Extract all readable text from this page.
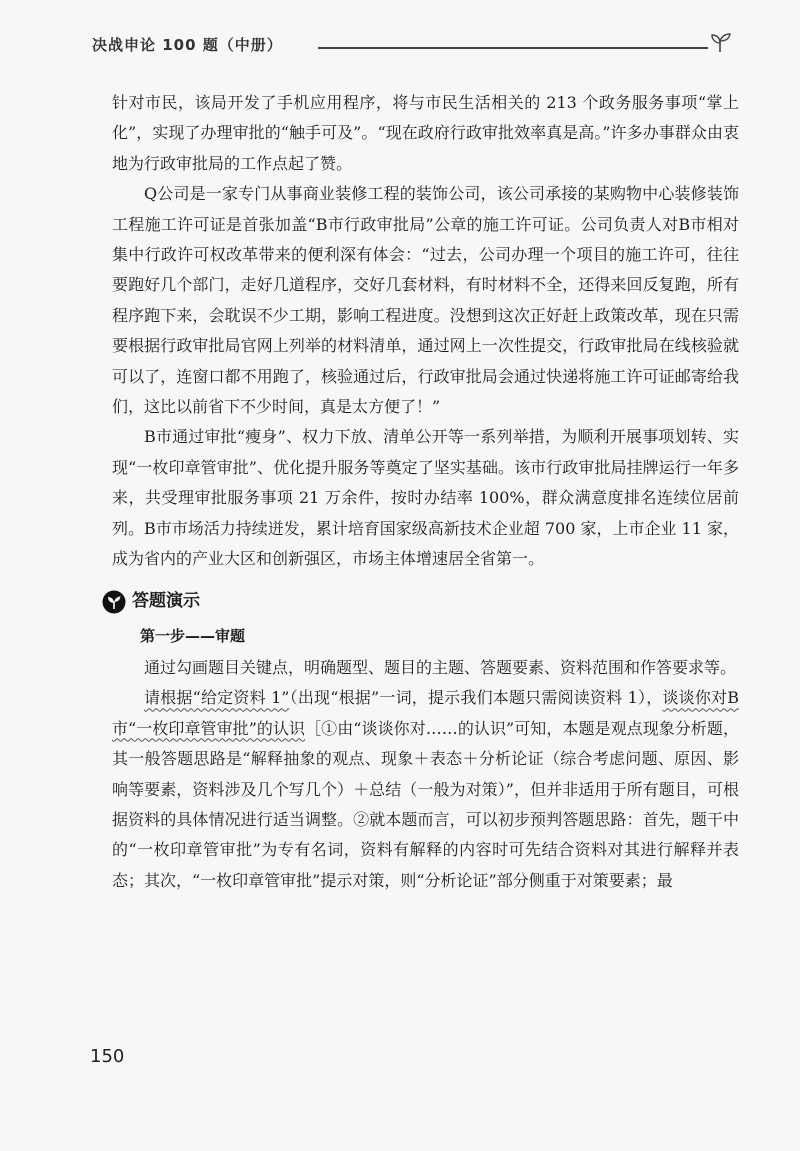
决战申论 100 题（中册）

针对市民，该局开发了手机应用程序，将与市民生活相关的 213 个政务服务事项“掌上化”，实现了办理审批的“触手可及”。“现在政府行政审批效率真是高。”许多办事群众由衷地为行政审批局的工作点起了赞。

Q公司是一家专门从事商业装修工程的装饰公司，该公司承接的某购物中心装修装饰工程施工许可证是首张加盖“B市行政审批局”公章的施工许可证。公司负责人对B市相对集中行政许可权改革带来的便利深有体会：“过去，公司办理一个项目的施工许可，往往要跑好几个部门，走好几道程序，交好几套材料，有时材料不全，还得来回反复跑，所有程序跑下来，会耽误不少工期，影响工程进度。没想到这次正好赶上政策改革，现在只需要根据行政审批局官网上列举的材料清单，通过网上一次性提交，行政审批局在线核验就可以了，连窗口都不用跑了，核验通过后，行政审批局会通过快递将施工许可证邮寄给我们，这比以前省下不少时间，真是太方便了！”

B市通过审批“瘦身”、权力下放、清单公开等一系列举措，为顺利开展事项划转、实现“一枚印章管审批”、优化提升服务等奠定了坚实基础。该市行政审批局挂牌运行一年多来，共受理审批服务事项 21 万余件，按时办结率 100%，群众满意度排名连续位居前列。B市市场活力持续迸发，累计培育国家级高新技术企业超 700 家，上市企业 11 家，成为省内的产业大区和创新强区，市场主体增速居全省第一。

答题演示
第一步——审题

通过勾画题目关键点，明确题型、题目的主题、答题要素、资料范围和作答要求等。

请根据“给定资料 1”（出现“根据”一词，提示我们本题只需阅读资料 1），谈谈你对B市“一枚印章管审批”的认识［①由“谈谈你对……的认识”可知，本题是观点现象分析题，其一般答题思路是“解释抽象的观点、现象＋表态＋分析论证（综合考虑问题、原因、影响等要素，资料涉及几个写几个）＋总结（一般为对策）”，但并非适用于所有题目，可根据资料的具体情况进行适当调整。②就本题而言，可以初步预判答题思路：首先，题干中的“一枚印章管审批”为专有名词，资料有解释的内容时可先结合资料对其进行解释并表态；其次，“一枚印章管审批”提示对策，则“分析论证”部分侧重于对策要素；最

150
